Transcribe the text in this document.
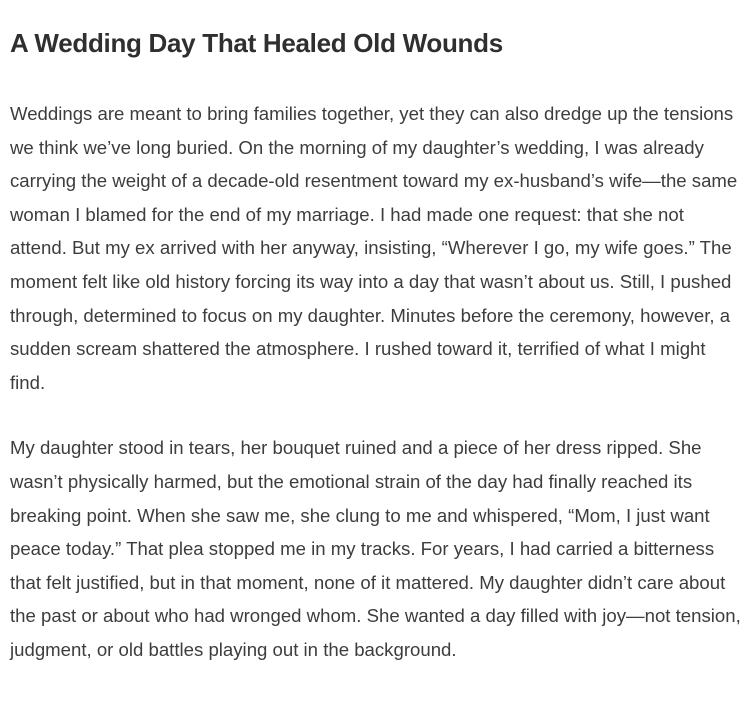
A Wedding Day That Healed Old Wounds

Weddings are meant to bring families together, yet they can also dredge up the tensions we think we’ve long buried. On the morning of my daughter’s wedding, I was already carrying the weight of a decade-old resentment toward my ex-husband’s wife—the same woman I blamed for the end of my marriage. I had made one request: that she not attend. But my ex arrived with her anyway, insisting, “Wherever I go, my wife goes.” The moment felt like old history forcing its way into a day that wasn’t about us. Still, I pushed through, determined to focus on my daughter. Minutes before the ceremony, however, a sudden scream shattered the atmosphere. I rushed toward it, terrified of what I might find.

My daughter stood in tears, her bouquet ruined and a piece of her dress ripped. She wasn’t physically harmed, but the emotional strain of the day had finally reached its breaking point. When she saw me, she clung to me and whispered, “Mom, I just want peace today.” That plea stopped me in my tracks. For years, I had carried a bitterness that felt justified, but in that moment, none of it mattered. My daughter didn’t care about the past or about who had wronged whom. She wanted a day filled with joy—not tension, judgment, or old battles playing out in the background.
